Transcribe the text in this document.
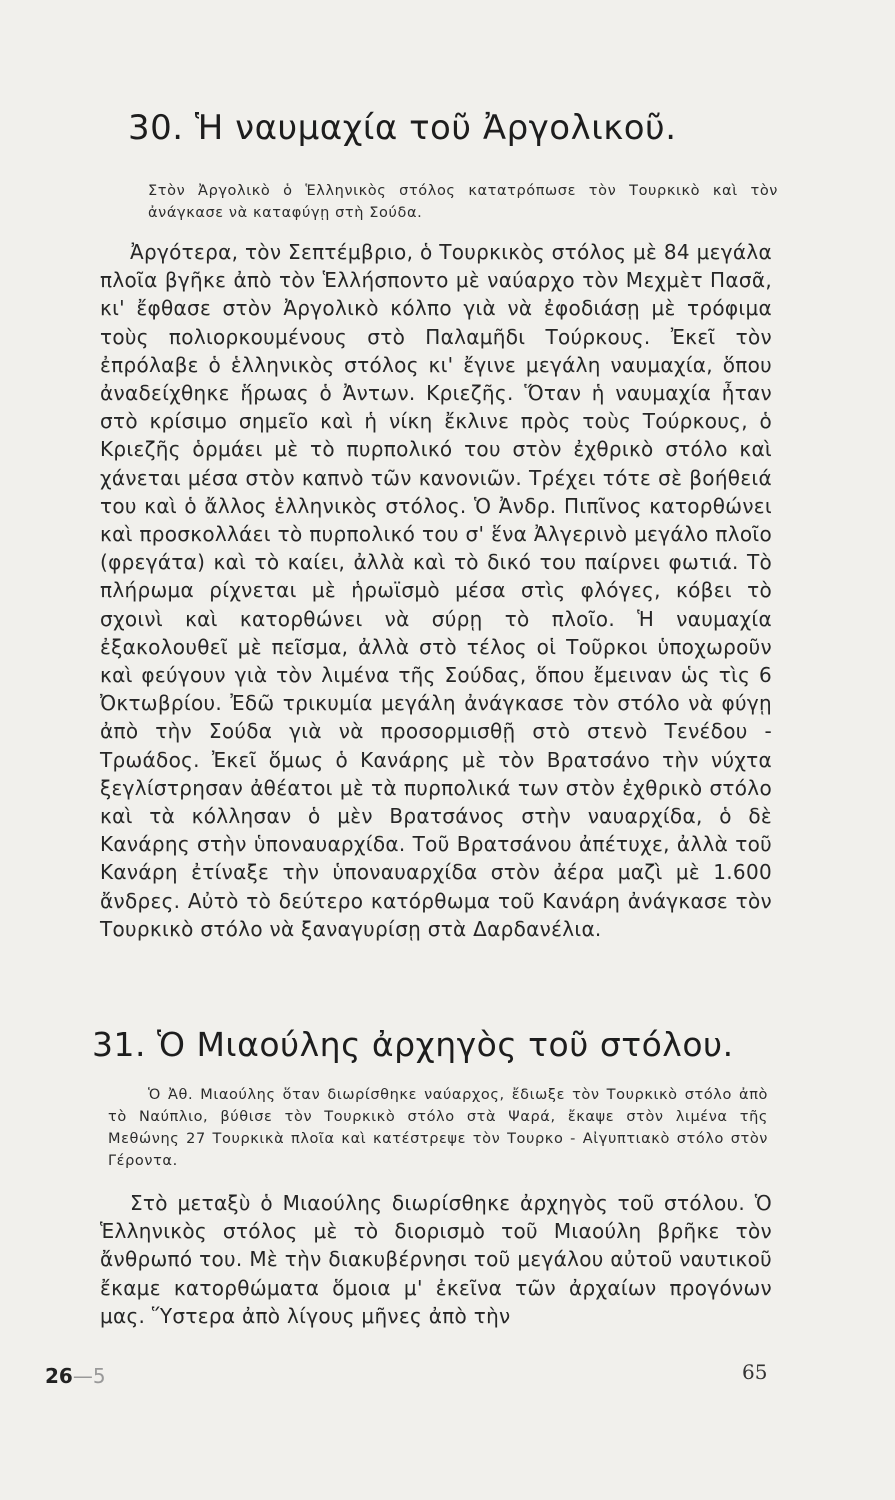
30. Ἡ ναυμαχία τοῦ Ἀργολικοῦ.

Στὸν Ἀργολικὸ ὁ Ἑλληνικὸς στόλος κατατρόπωσε τὸν Τουρκικὸ καὶ τὸν ἀνάγκασε νὰ καταφύγῃ στὴ Σούδα.

Ἀργότερα, τὸν Σεπτέμβριο, ὁ Τουρκικὸς στόλος μὲ 84 μεγάλα πλοῖα βγῆκε ἀπὸ τὸν Ἑλλήσποντο μὲ ναύαρχο τὸν Μεχμὲτ Πασᾶ, κι' ἔφθασε στὸν Ἀργολικὸ κόλπο γιὰ νὰ ἐφοδιάσῃ μὲ τρόφιμα τοὺς πολιορκουμένους στὸ Παλαμῆδι Τούρκους. Ἐκεῖ τὸν ἐπρόλαβε ὁ ἑλληνικὸς στόλος κι' ἔγινε μεγάλη ναυμαχία, ὅπου ἀναδείχθηκε ἥρωας ὁ Ἀντων. Κριεζῆς. Ὅταν ἡ ναυμαχία ἦταν στὸ κρίσιμο σημεῖο καὶ ἡ νίκη ἔκλινε πρὸς τοὺς Τούρκους, ὁ Κριεζῆς ὁρμάει μὲ τὸ πυρπολικό του στὸν ἐχθρικὸ στόλο καὶ χάνεται μέσα στὸν καπνὸ τῶν κανονιῶν. Τρέχει τότε σὲ βοήθειά του καὶ ὁ ἄλλος ἑλληνικὸς στόλος. Ὁ Ἀνδρ. Πιπῖνος κατορθώνει καὶ προσκολλάει τὸ πυρπολικό του σ' ἕνα Ἀλγερινὸ μεγάλο πλοῖο (φρεγάτα) καὶ τὸ καίει, ἀλλὰ καὶ τὸ δικό του παίρνει φωτιά. Τὸ πλήρωμα ρίχνεται μὲ ἡρωϊσμὸ μέσα στὶς φλόγες, κόβει τὸ σχοινὶ καὶ κατορθώνει νὰ σύρῃ τὸ πλοῖο. Ἡ ναυμαχία ἐξακολουθεῖ μὲ πεῖσμα, ἀλλὰ στὸ τέλος οἱ Τοῦρκοι ὑποχωροῦν καὶ φεύγουν γιὰ τὸν λιμένα τῆς Σούδας, ὅπου ἔμειναν ὡς τὶς 6 Ὀκτωβρίου. Ἐδῶ τρικυμία μεγάλη ἀνάγκασε τὸν στόλο νὰ φύγῃ ἀπὸ τὴν Σούδα γιὰ νὰ προσορμισθῇ στὸ στενὸ Τενέδου - Τρωάδος. Ἐκεῖ ὅμως ὁ Κανάρης μὲ τὸν Βρατσάνο τὴν νύχτα ξεγλίστρησαν ἀθέατοι μὲ τὰ πυρπολικά των στὸν ἐχθρικὸ στόλο καὶ τὰ κόλλησαν ὁ μὲν Βρατσάνος στὴν ναυαρχίδα, ὁ δὲ Κανάρης στὴν ὑποναυαρχίδα. Τοῦ Βρατσάνου ἀπέτυχε, ἀλλὰ τοῦ Κανάρη ἐτίναξε τὴν ὑποναυαρχίδα στὸν ἀέρα μαζὶ μὲ 1.600 ἄνδρες. Αὐτὸ τὸ δεύτερο κατόρθωμα τοῦ Κανάρη ἀνάγκασε τὸν Τουρκικὸ στόλο νὰ ξαναγυρίσῃ στὰ Δαρδανέλια.

31. Ὁ Μιαούλης ἀρχηγὸς τοῦ στόλου.

Ὁ Ἀθ. Μιαούλης ὅταν διωρίσθηκε ναύαρχος, ἔδιωξε τὸν Τουρκικὸ στόλο ἀπὸ τὸ Ναύπλιο, βύθισε τὸν Τουρκικὸ στόλο στὰ Ψαρά, ἔκαψε στὸν λιμένα τῆς Μεθώνης 27 Τουρκικὰ πλοῖα καὶ κατέστρεψε τὸν Τουρκο - Αἰγυπτιακὸ στόλο στὸν Γέροντα.

Στὸ μεταξὺ ὁ Μιαούλης διωρίσθηκε ἀρχηγὸς τοῦ στόλου. Ὁ Ἑλληνικὸς στόλος μὲ τὸ διορισμὸ τοῦ Μιαούλη βρῆκε τὸν ἄνθρωπό του. Μὲ τὴν διακυβέρνησι τοῦ μεγάλου αὐτοῦ ναυτικοῦ ἔκαμε κατορθώματα ὅμοια μ' ἐκεῖνα τῶν ἀρχαίων προγόνων μας. Ὕστερα ἀπὸ λίγους μῆνες ἀπὸ τὴν

26—5	65
